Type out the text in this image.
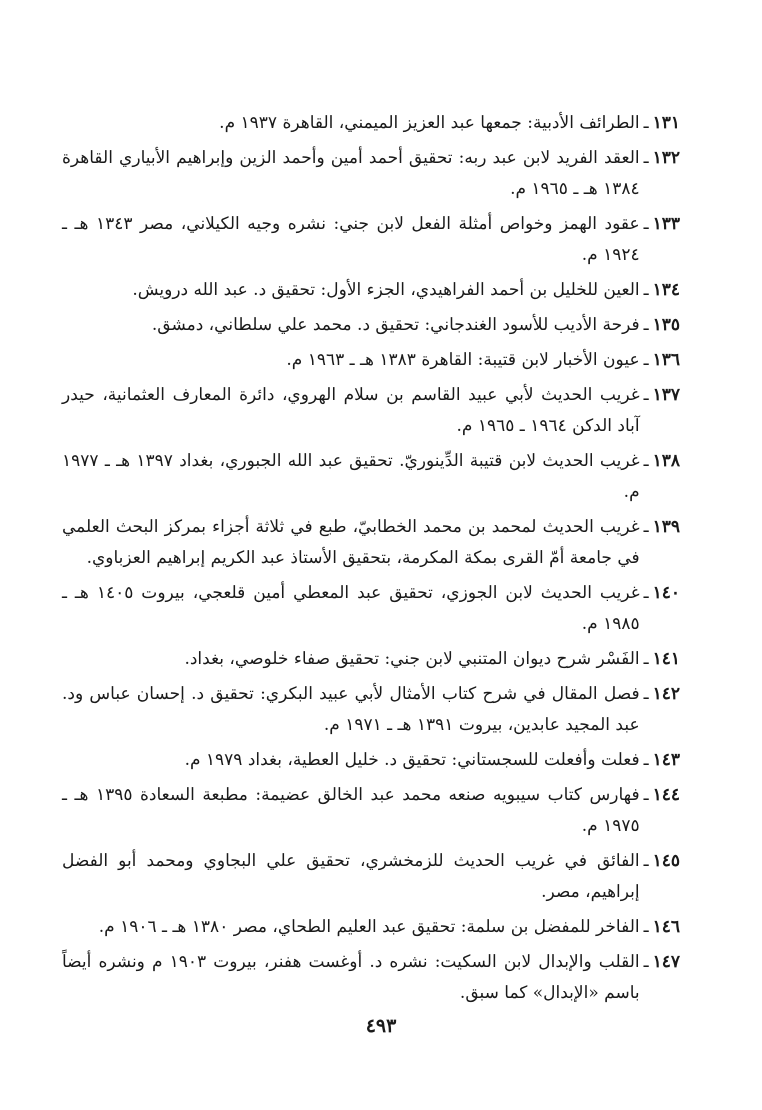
١٣١
ـ
الطرائف الأدبية: جمعها عبد العزيز الميمني، القاهرة ١٩٣٧ م.
١٣٢
ـ
العقد الفريد لابن عبد ربه: تحقيق أحمد أمين وأحمد الزين وإبراهيم الأبياري القاهرة ١٣٨٤ هـ ـ ١٩٦٥ م.
١٣٣
ـ
عقود الهمز وخواص أمثلة الفعل لابن جني: نشره وجيه الكيلاني، مصر ١٣٤٣ هـ ـ ١٩٢٤ م.
١٣٤
ـ
العين للخليل بن أحمد الفراهيدي، الجزء الأول: تحقيق د. عبد الله درويش.
١٣٥
ـ
فرحة الأديب للأسود الغندجاني: تحقيق د. محمد علي سلطاني، دمشق.
١٣٦
ـ
عيون الأخبار لابن قتيبة: القاهرة ١٣٨٣ هـ ـ ١٩٦٣ م.
١٣٧
ـ
غريب الحديث لأبي عبيد القاسم بن سلام الهروي، دائرة المعارف العثمانية، حيدر آباد الدكن ١٩٦٤ ـ ١٩٦٥ م.
١٣٨
ـ
غريب الحديث لابن قتيبة الدِّينوريّ. تحقيق عبد الله الجبوري، بغداد ١٣٩٧ هـ ـ ١٩٧٧ م.
١٣٩
ـ
غريب الحديث لمحمد بن محمد الخطابيّ، طبع في ثلاثة أجزاء بمركز البحث العلمي في جامعة أمّ القرى بمكة المكرمة، بتحقيق الأستاذ عبد الكريم إبراهيم العزباوي.
١٤٠
ـ
غريب الحديث لابن الجوزي، تحقيق عبد المعطي أمين قلعجي، بيروت ١٤٠٥ هـ ـ ١٩٨٥ م.
١٤١
ـ
الفَسْر شرح ديوان المتنبي لابن جني: تحقيق صفاء خلوصي، بغداد.
١٤٢
ـ
فصل المقال في شرح كتاب الأمثال لأبي عبيد البكري: تحقيق د. إحسان عباس ود. عبد المجيد عابدين، بيروت ١٣٩١ هـ ـ ١٩٧١ م.
١٤٣
ـ
فعلت وأفعلت للسجستاني: تحقيق د. خليل العطية، بغداد ١٩٧٩ م.
١٤٤
ـ
فهارس كتاب سيبويه صنعه محمد عبد الخالق عضيمة: مطبعة السعادة ١٣٩٥ هـ ـ ١٩٧٥ م.
١٤٥
ـ
الفائق في غريب الحديث للزمخشري، تحقيق علي البجاوي ومحمد أبو الفضل إبراهيم، مصر.
١٤٦
ـ
الفاخر للمفضل بن سلمة: تحقيق عبد العليم الطحاي، مصر ١٣٨٠ هـ ـ ١٩٠٦ م.
١٤٧
ـ
القلب والإبدال لابن السكيت: نشره د. أوغست هفنر، بيروت ١٩٠٣ م ونشره أيضاً باسم «الإبدال» كما سبق.
٤٩٣
